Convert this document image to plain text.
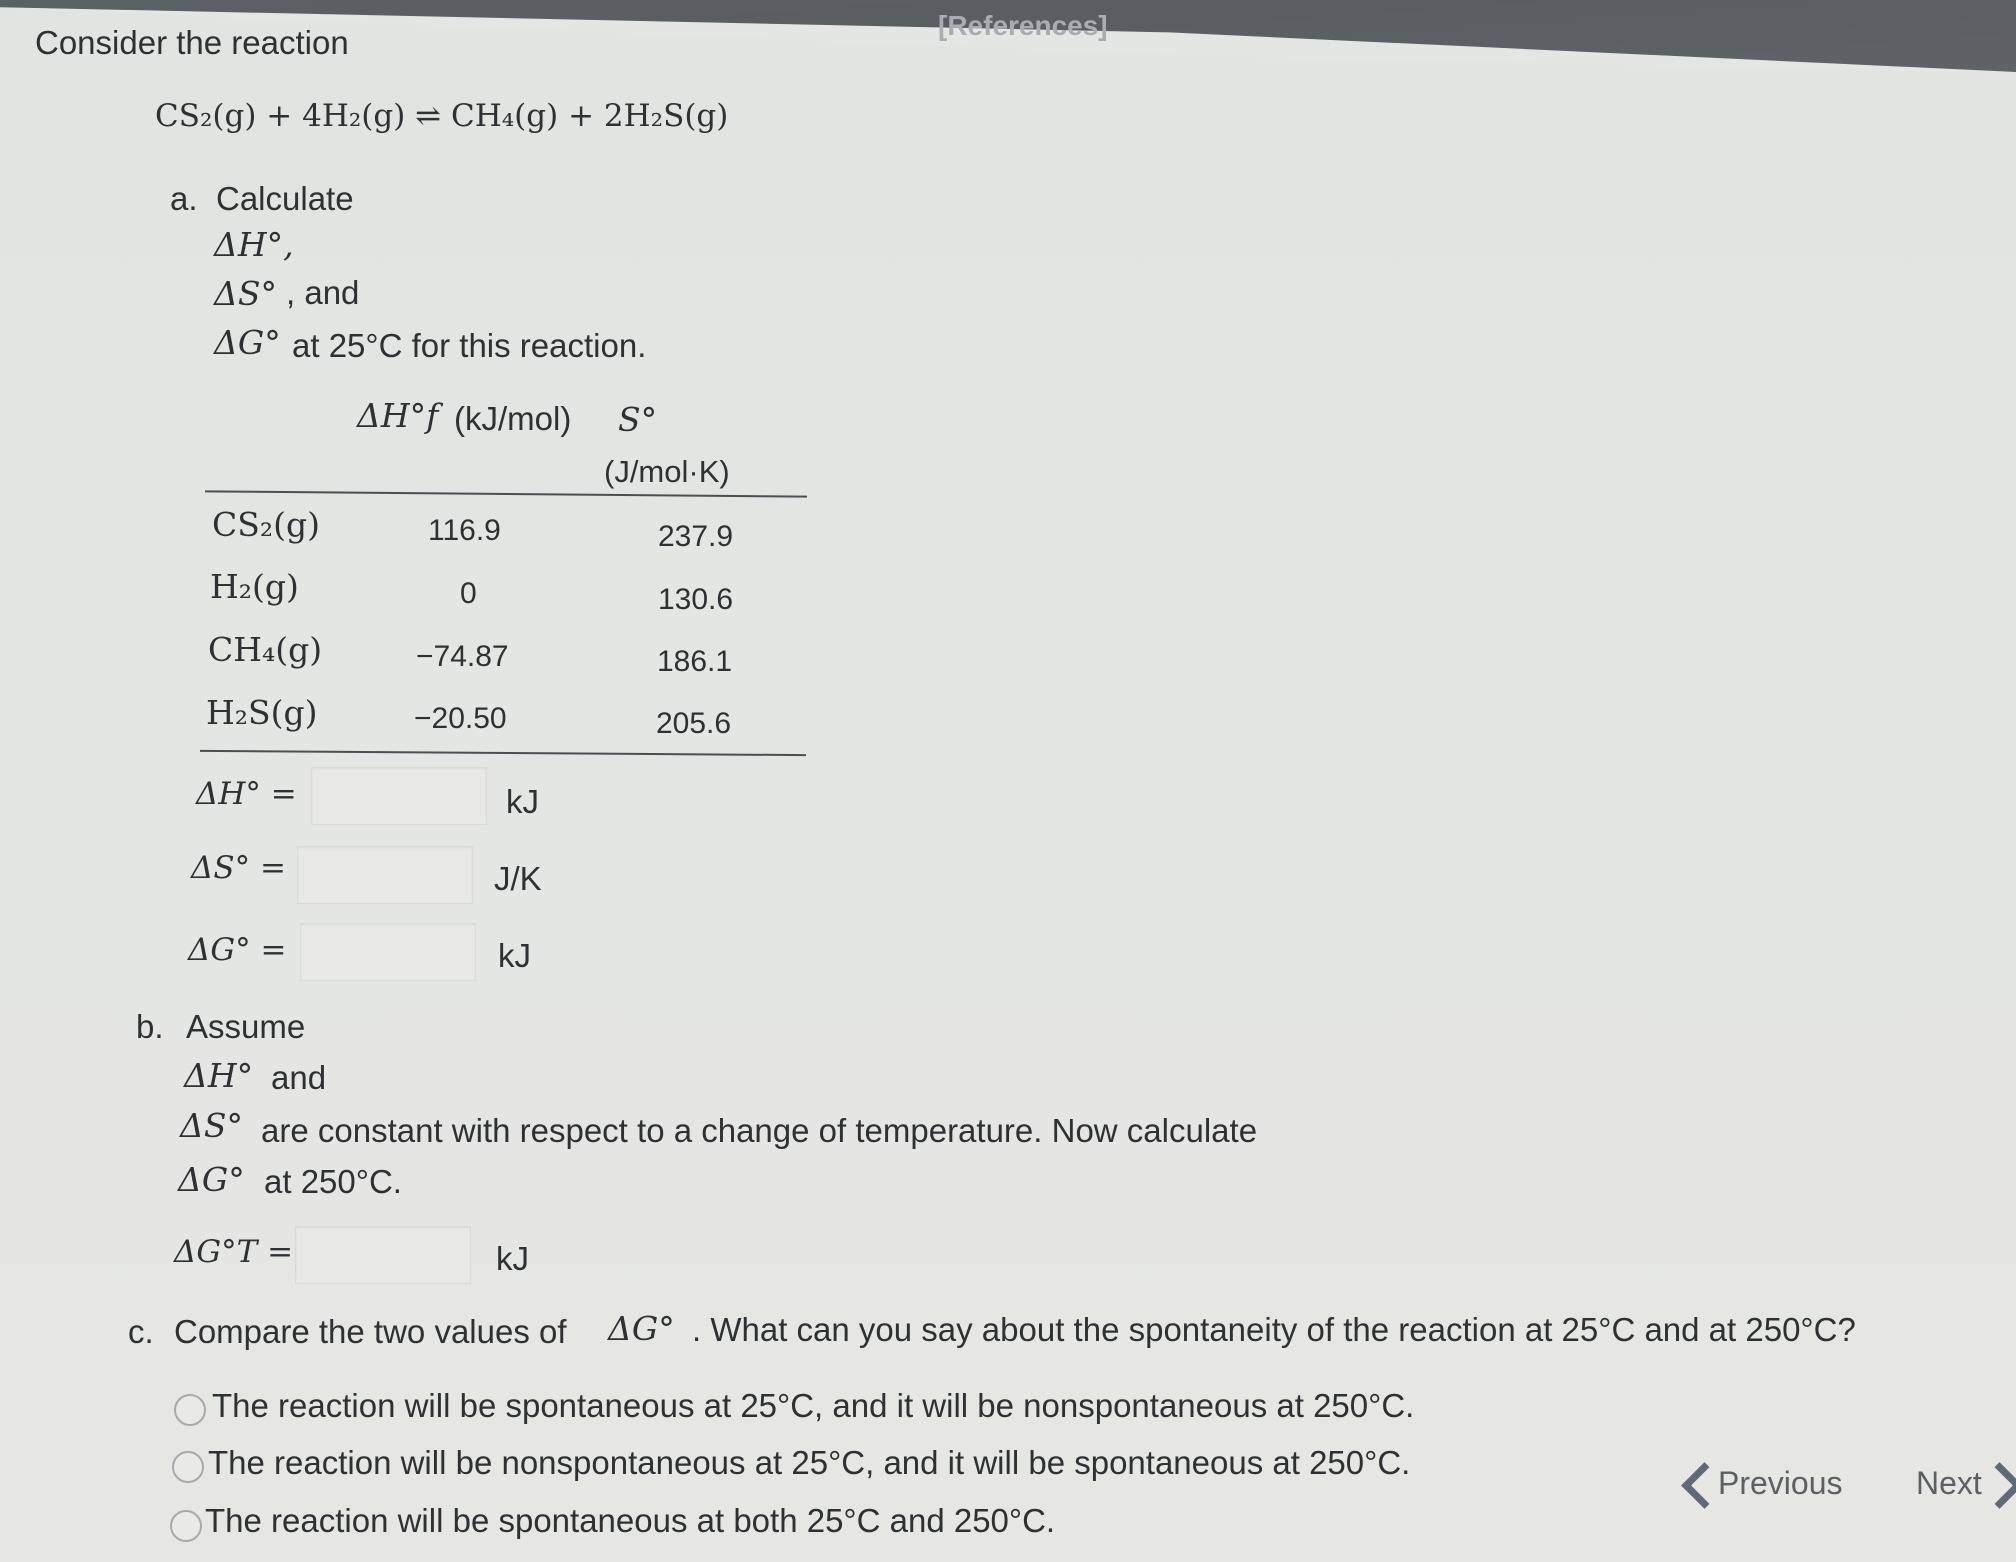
[References]
Consider the reaction
CS₂(g) + 4H₂(g) ⇌ CH₄(g) + 2H₂S(g)
a. Calculate
ΔH°,
ΔS° , and
ΔG° at 25°C for this reaction.
ΔH°f (kJ/mol) S°
(J/mol·K)
CS₂(g)	116.9	237.9
H₂(g)	0	130.6
CH₄(g)	−74.87	186.1
H₂S(g)	−20.50	205.6
ΔH° =	kJ
ΔS° =	J/K
ΔG° =	kJ
b. Assume
ΔH° and
ΔS° are constant with respect to a change of temperature. Now calculate
ΔG° at 250°C.
ΔG°T =	kJ
c. Compare the two values of ΔG° . What can you say about the spontaneity of the reaction at 25°C and at 250°C?
The reaction will be spontaneous at 25°C, and it will be nonspontaneous at 250°C.
The reaction will be nonspontaneous at 25°C, and it will be spontaneous at 250°C.
The reaction will be spontaneous at both 25°C and 250°C.
Previous Next
